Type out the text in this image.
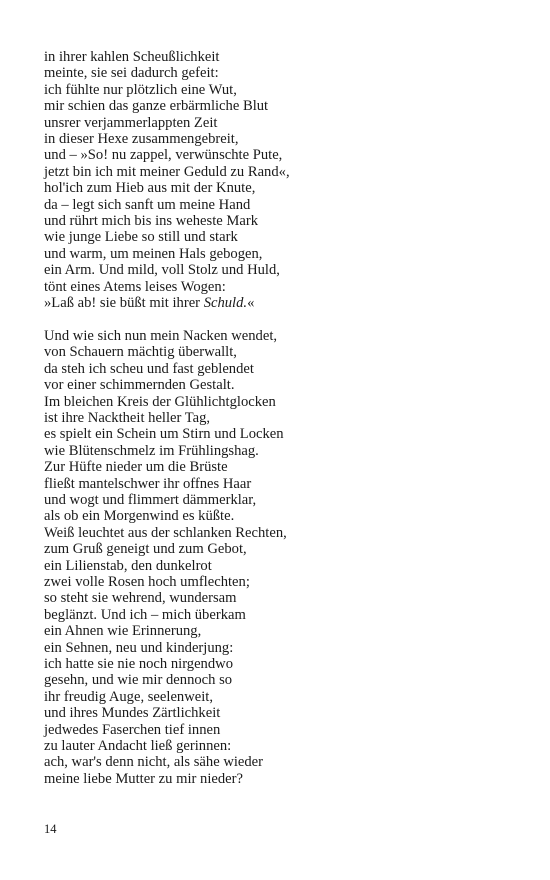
in ihrer kahlen Scheußlichkeit
meinte, sie sei dadurch gefeit:
ich fühlte nur plötzlich eine Wut,
mir schien das ganze erbärmliche Blut
unsrer verjammerlappten Zeit
in dieser Hexe zusammengebreit,
und – »So! nu zappel, verwünschte Pute,
jetzt bin ich mit meiner Geduld zu Rand«,
hol'ich zum Hieb aus mit der Knute,
da – legt sich sanft um meine Hand
und rührt mich bis ins weheste Mark
wie junge Liebe so still und stark
und warm, um meinen Hals gebogen,
ein Arm. Und mild, voll Stolz und Huld,
tönt eines Atems leises Wogen:
»Laß ab! sie büßt mit ihrer Schuld.«
Und wie sich nun mein Nacken wendet,
von Schauern mächtig überwallt,
da steh ich scheu und fast geblendet
vor einer schimmernden Gestalt.
Im bleichen Kreis der Glühlichtglocken
ist ihre Nacktheit heller Tag,
es spielt ein Schein um Stirn und Locken
wie Blütenschmelz im Frühlingshag.
Zur Hüfte nieder um die Brüste
fließt mantelschwer ihr offnes Haar
und wogt und flimmert dämmerklar,
als ob ein Morgenwind es küßte.
Weiß leuchtet aus der schlanken Rechten,
zum Gruß geneigt und zum Gebot,
ein Lilienstab, den dunkelrot
zwei volle Rosen hoch umflechten;
so steht sie wehrend, wundersam
beglänzt. Und ich – mich überkam
ein Ahnen wie Erinnerung,
ein Sehnen, neu und kinderjung:
ich hatte sie nie noch nirgendwo
gesehn, und wie mir dennoch so
ihr freudig Auge, seelenweit,
und ihres Mundes Zärtlichkeit
jedwedes Faserchen tief innen
zu lauter Andacht ließ gerinnen:
ach, war's denn nicht, als sähe wieder
meine liebe Mutter zu mir nieder?
14
